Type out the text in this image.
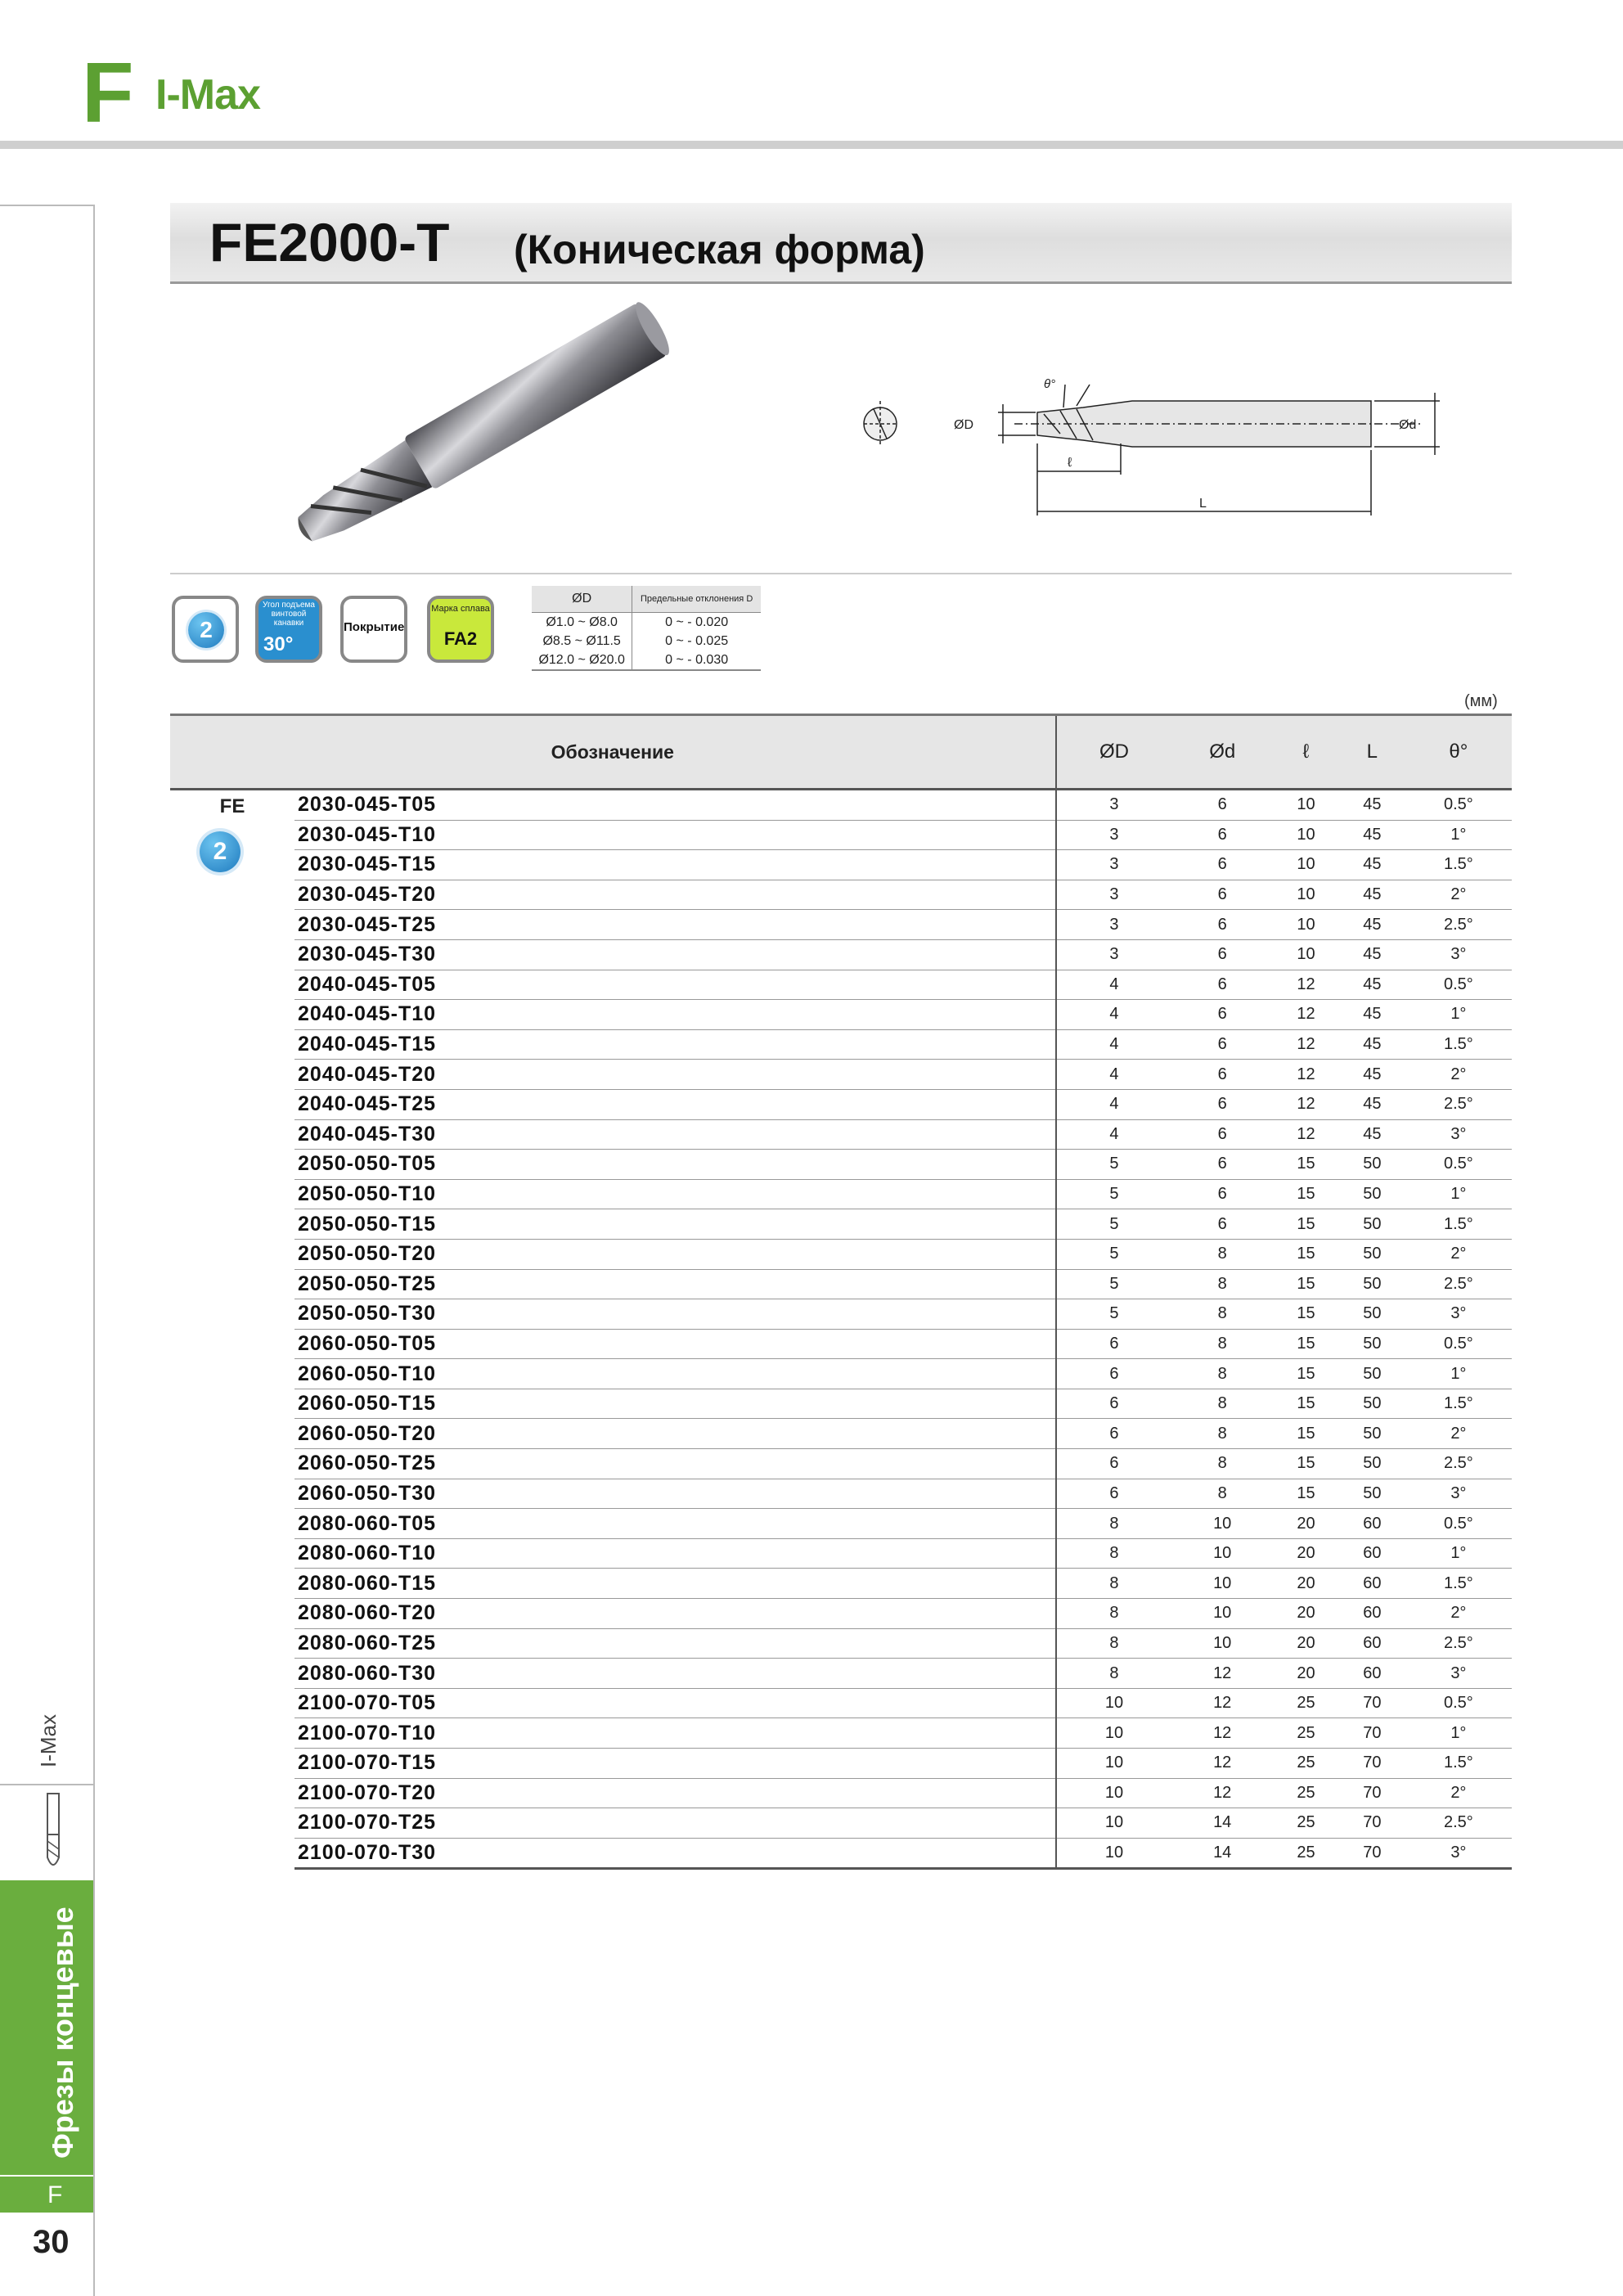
F I-Max
I-Max
Фрезы концевые
F
30
FE2000-T (Коническая форма)
ØD	Ød
ℓ
L
θ°
2
Угол подъема винтовой канавки
30°
Покрытие
Марка сплава
FA2
ØD	Предельные отклонения D
Ø1.0 ~ Ø8.0	0 ~ - 0.020
Ø8.5 ~ Ø11.5	0 ~ - 0.025
Ø12.0 ~ Ø20.0	0 ~ - 0.030
(мм)
Обозначение		ØD	Ød	ℓ	L	θ°

FE
2	2030-045-T05	3	6	10	45	0.5°
	2030-045-T10	3	6	10	45	1°
	2030-045-T15	3	6	10	45	1.5°
	2030-045-T20	3	6	10	45	2°
	2030-045-T25	3	6	10	45	2.5°
	2030-045-T30	3	6	10	45	3°
	2040-045-T05	4	6	12	45	0.5°
	2040-045-T10	4	6	12	45	1°
	2040-045-T15	4	6	12	45	1.5°
	2040-045-T20	4	6	12	45	2°
	2040-045-T25	4	6	12	45	2.5°
	2040-045-T30	4	6	12	45	3°
	2050-050-T05	5	6	15	50	0.5°
	2050-050-T10	5	6	15	50	1°
	2050-050-T15	5	6	15	50	1.5°
	2050-050-T20	5	8	15	50	2°
	2050-050-T25	5	8	15	50	2.5°
	2050-050-T30	5	8	15	50	3°
	2060-050-T05	6	8	15	50	0.5°
	2060-050-T10	6	8	15	50	1°
	2060-050-T15	6	8	15	50	1.5°
	2060-050-T20	6	8	15	50	2°
	2060-050-T25	6	8	15	50	2.5°
	2060-050-T30	6	8	15	50	3°
	2080-060-T05	8	10	20	60	0.5°
	2080-060-T10	8	10	20	60	1°
	2080-060-T15	8	10	20	60	1.5°
	2080-060-T20	8	10	20	60	2°
	2080-060-T25	8	10	20	60	2.5°
	2080-060-T30	8	12	20	60	3°
	2100-070-T05	10	12	25	70	0.5°
	2100-070-T10	10	12	25	70	1°
	2100-070-T15	10	12	25	70	1.5°
	2100-070-T20	10	12	25	70	2°
	2100-070-T25	10	14	25	70	2.5°
	2100-070-T30	10	14	25	70	3°
